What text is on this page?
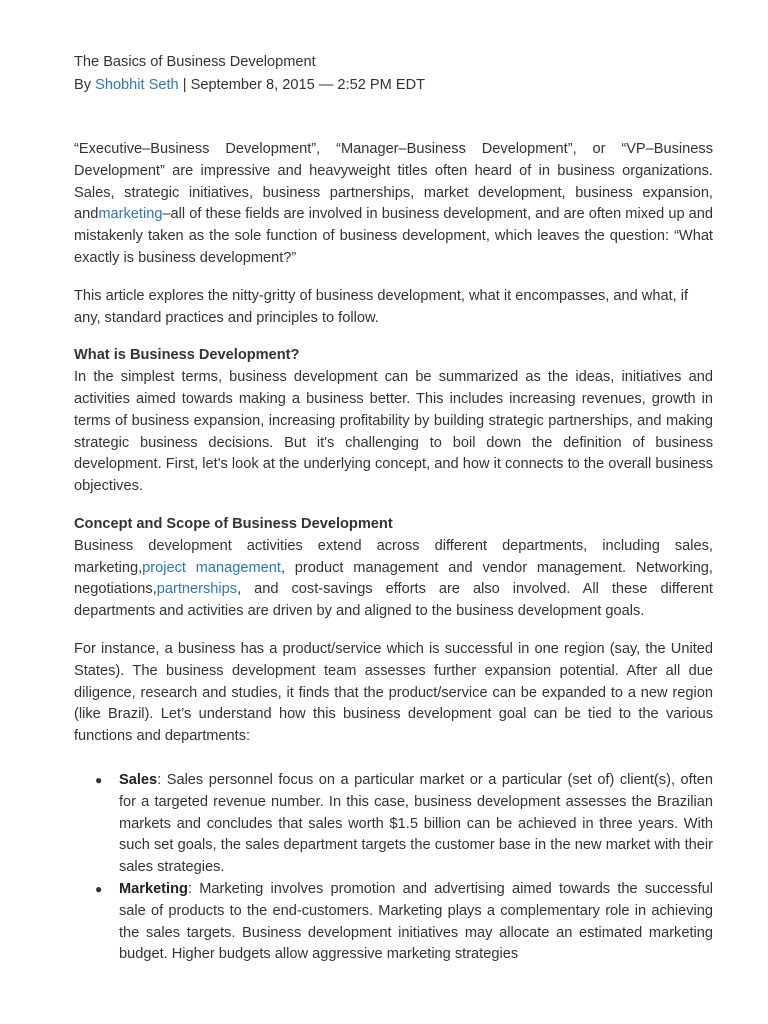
The Basics of Business Development
By Shobhit Seth | September 8, 2015 — 2:52 PM EDT

“Executive–Business Development”, “Manager–Business Development”, or “VP–Business Development” are impressive and heavyweight titles often heard of in business organizations. Sales, strategic initiatives, business partnerships, market development, business expansion, andmarketing–all of these fields are involved in business development, and are often mixed up and mistakenly taken as the sole function of business development, which leaves the question: “What exactly is business development?”

This article explores the nitty-gritty of business development, what it encompasses, and what, if any, standard practices and principles to follow.

What is Business Development?

In the simplest terms, business development can be summarized as the ideas, initiatives and activities aimed towards making a business better. This includes increasing revenues, growth in terms of business expansion, increasing profitability by building strategic partnerships, and making strategic business decisions. But it's challenging to boil down the definition of business development. First, let's look at the underlying concept, and how it connects to the overall business objectives.

Concept and Scope of Business Development

Business development activities extend across different departments, including sales, marketing,project management, product management and vendor management. Networking, negotiations,partnerships, and cost-savings efforts are also involved. All these different departments and activities are driven by and aligned to the business development goals.

For instance, a business has a product/service which is successful in one region (say, the United States). The business development team assesses further expansion potential. After all due diligence, research and studies, it finds that the product/service can be expanded to a new region (like Brazil). Let’s understand how this business development goal can be tied to the various functions and departments:

● Sales: Sales personnel focus on a particular market or a particular (set of) client(s), often for a targeted revenue number. In this case, business development assesses the Brazilian markets and concludes that sales worth $1.5 billion can be achieved in three years. With such set goals, the sales department targets the customer base in the new market with their sales strategies.
● Marketing: Marketing involves promotion and advertising aimed towards the successful sale of products to the end-customers. Marketing plays a complementary role in achieving the sales targets. Business development initiatives may allocate an estimated marketing budget. Higher budgets allow aggressive marketing strategies
